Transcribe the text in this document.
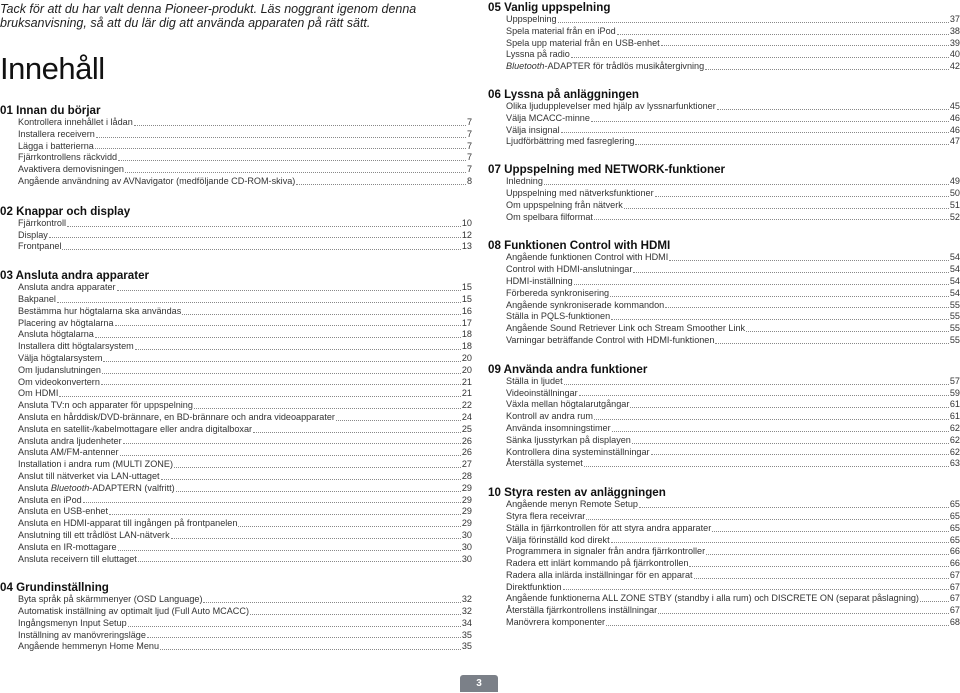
Tack för att du har valt denna Pioneer-produkt. Läs noggrant igenom denna
bruksanvisning, så att du lär dig att använda apparaten på rätt sätt.

Innehåll
01 Innan du börjar
Kontrollera innehållet i lådan	7
Installera receivern	7
Lägga i batterierna	7
Fjärrkontrollens räckvidd	7
Avaktivera demovisningen	7
Angående användning av AVNavigator (medföljande CD-ROM-skiva)	8
02 Knappar och display
Fjärrkontroll	10
Display	12
Frontpanel	13
03 Ansluta andra apparater
Ansluta andra apparater	15
Bakpanel	15
Bestämma hur högtalarna ska användas	16
Placering av högtalarna	17
Ansluta högtalarna	18
Installera ditt högtalarsystem	18
Välja högtalarsystem	20
Om ljudanslutningen	20
Om videokonvertern	21
Om HDMI	21
Ansluta TV:n och apparater för uppspelning	22
Ansluta en hårddisk/DVD-brännare, en BD-brännare och andra videoapparater	24
Ansluta en satellit-/kabelmottagare eller andra digitalboxar	25
Ansluta andra ljudenheter	26
Ansluta AM/FM-antenner	26
Installation i andra rum (MULTI ZONE)	27
Anslut till nätverket via LAN-uttaget	28
Ansluta Bluetooth-ADAPTERN (valfritt)	29
Ansluta en iPod	29
Ansluta en USB-enhet	29
Ansluta en HDMI-apparat till ingången på frontpanelen	29
Anslutning till ett trådlöst LAN-nätverk	30
Ansluta en IR-mottagare	30
Ansluta receivern till eluttaget	30
04 Grundinställning
Byta språk på skärmmenyer (OSD Language)	32
Automatisk inställning av optimalt ljud (Full Auto MCACC)	32
Ingångsmenyn Input Setup	34
Inställning av manövreringsläge	35
Angående hemmenyn Home Menu	35
05 Vanlig uppspelning
Uppspelning	37
Spela material från en iPod	38
Spela upp material från en USB-enhet	39
Lyssna på radio	40
Bluetooth-ADAPTER för trådlös musikåtergivning	42
06 Lyssna på anläggningen
Olika ljuduppleveIser med hjälp av lyssnarfunktioner	45
Välja MCACC-minne	46
Välja insignal	46
Ljudförbättring med fasreglering	47
07 Uppspelning med NETWORK-funktioner
Inledning	49
Uppspelning med nätverksfunktioner	50
Om uppspelning från nätverk	51
Om spelbara filformat	52
08 Funktionen Control with HDMI
Angående funktionen Control with HDMI	54
Control with HDMI-anslutningar	54
HDMI-inställning	54
Förbereda synkronisering	54
Angående synkroniserade kommandon	55
Ställa in PQLS-funktionen	55
Angående Sound Retriever Link och Stream Smoother Link	55
Varningar beträffande Control with HDMI-funktionen	55
09 Använda andra funktioner
Ställa in ljudet	57
Videoinställningar	59
Växla mellan högtalarutgångar	61
Kontroll av andra rum	61
Använda insomningstimer	62
Sänka ljusstyrkan på displayen	62
Kontrollera dina systeminställningar	62
Återställa systemet	63
10 Styra resten av anläggningen
Angående menyn Remote Setup	65
Styra flera receivrar	65
Ställa in fjärrkontrollen för att styra andra apparater	65
Välja förinställd kod direkt	65
Programmera in signaler från andra fjärrkontroller	66
Radera ett inlärt kommando på fjärrkontrollen	66
Radera alla inlärda inställningar för en apparat	67
Direktfunktion	67
Angående funktionerna ALL ZONE STBY (standby i alla rum) och DISCRETE ON (separat påslagning)	67
Återställa fjärrkontrollens inställningar	67
Manövrera komponenter	68
3
